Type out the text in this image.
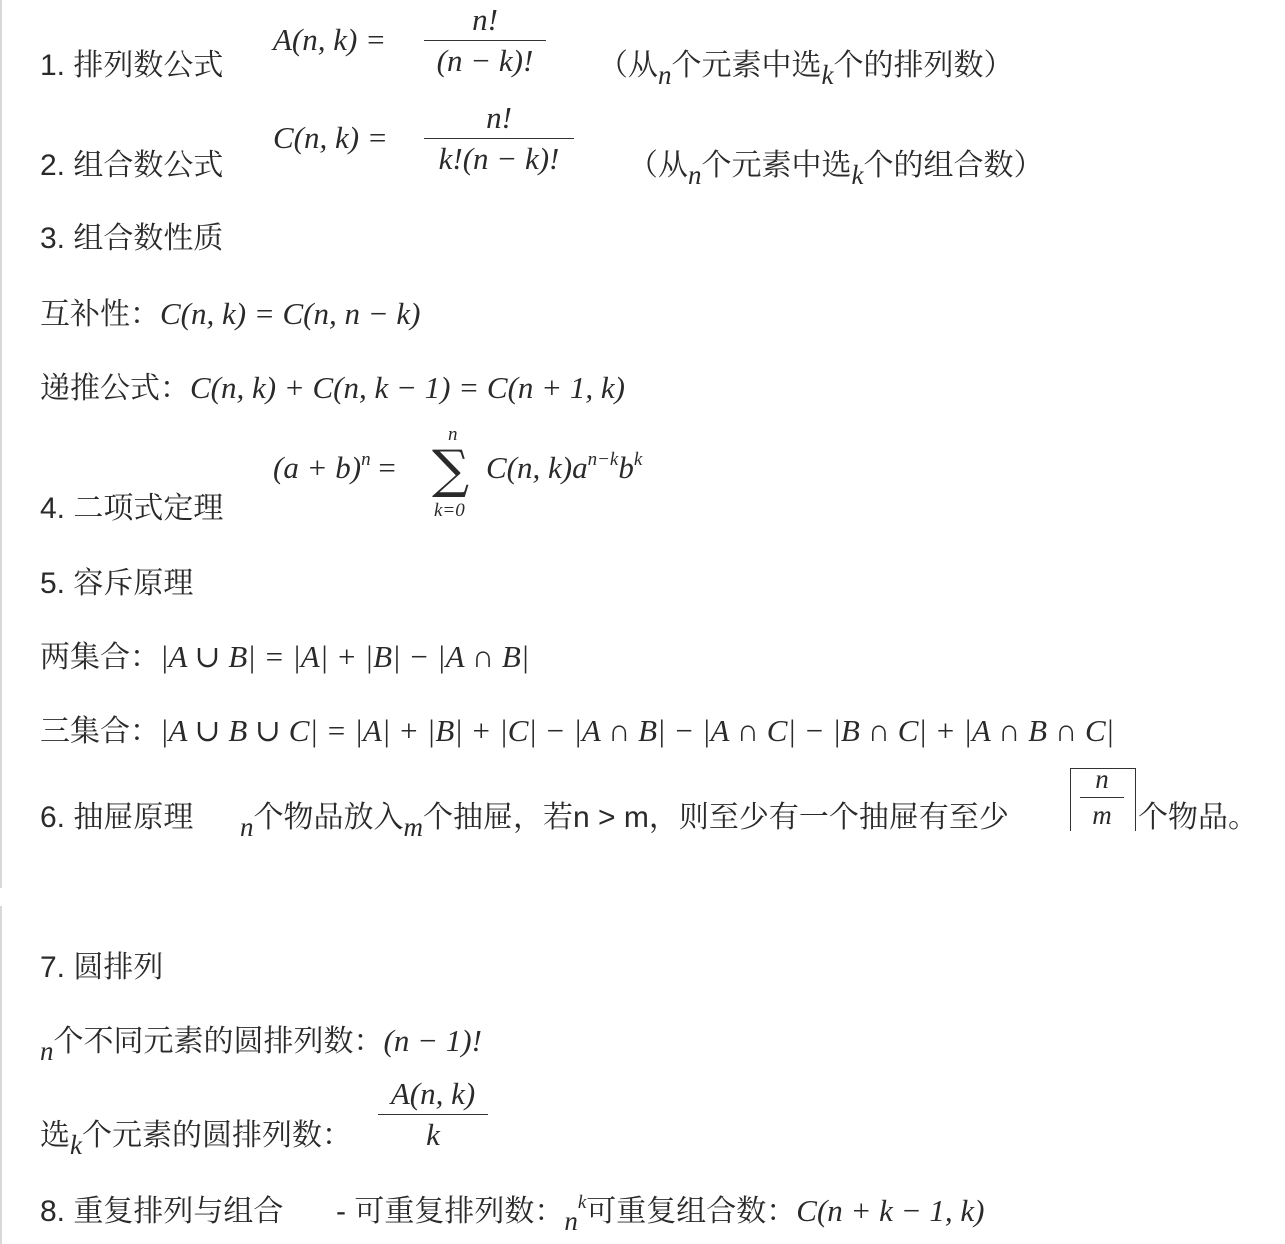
1. 排列数公式
A(n, $k) = \frac{n!}{(n - k)!}$ （从n个元素中选k个的排列数）
2. 组合数公式
C(n, $k) = \frac{n!}{k!(n - k)!}$ （从n个元素中选k个的组合数）
3. 组合数性质
互补性：C(n, k) = C(n, n − k)
递推公式：C(n, k) + C(n, k − 1) = C(n + 1, k)
4. 二项式定理
$(a + b)^n$ =
n
∑
k=0
C(n, $k)a^{n-k}b^k$
5. 容斥原理
两集合：|A ∪ B| = |A| + |B| − |A ∩ B|
三集合：|A ∪ B ∪ C| = |A| + |B| + |C| − |A ∩ B| − |A ∩ C| − |B ∩ C| + |A ∩ B ∩ C|
6. 抽屉原理 n个物品放入m个抽屉，若n > m，则至少有一个抽屉有至少	$\frac{n}{m}$ 个物品。
7. 圆排列
n个不同元素的圆排列数：(n − 1)!
选k个元素的圆排列数： $\frac{A(n, k)}{k}$
8. 重复排列与组合 - 可重复排列数：$n^k$可重复组合数：C(n + k − 1, k)
